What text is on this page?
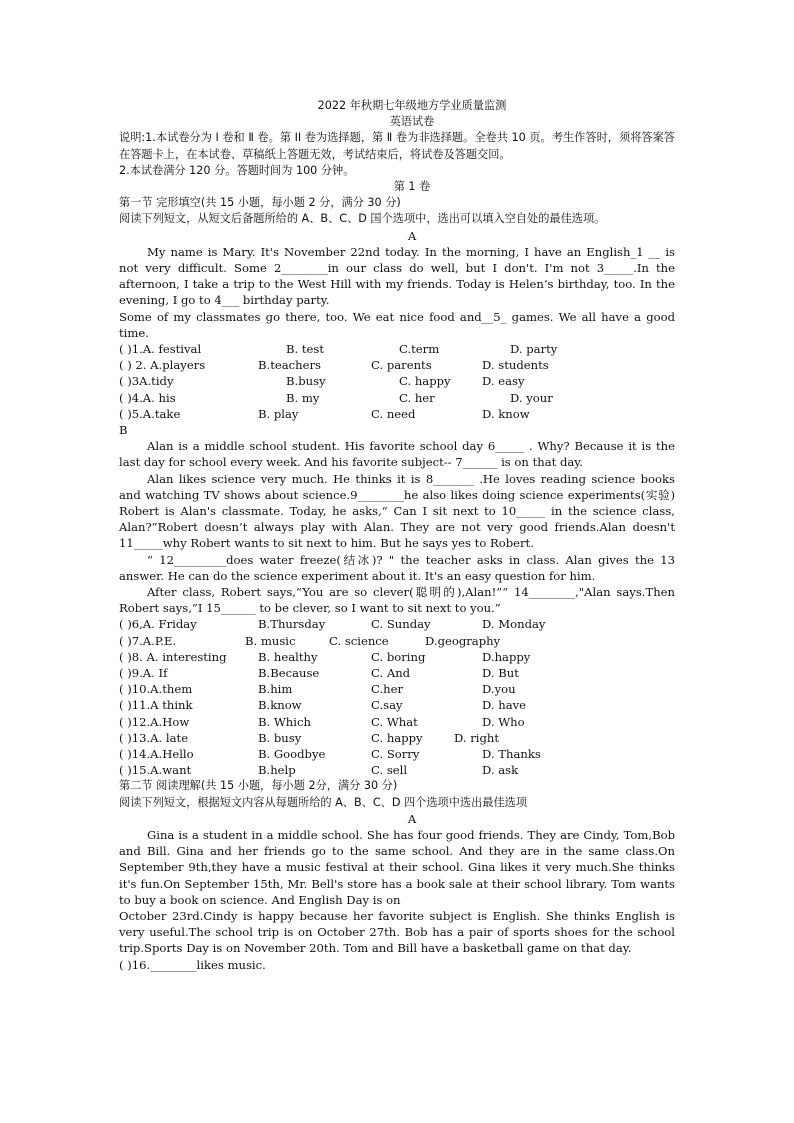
2022 年秋期七年级地方学业质量监测
英语试卷

说明:1.本试卷分为 I 卷和 Ⅱ 卷。第 II 卷为选择题，第 Ⅱ 卷为非选择题。全卷共 10 页。考生作答时，须将答案答在答题卡上，在本试卷、草稿纸上答题无效，考试结束后，将试卷及答题交回。

2.本试卷满分 120 分。答题时间为 100 分钟。

第 1 卷
第一节 完形填空(共 15 小题，每小题 2 分，满分 30 分)

阅读下列短文，从短文后备题所给的 A、B、C、D 国个选项中，选出可以填入空自处的最佳选项。

A

My name is Mary. It's November 22nd today. In the morning, I have an English_1 __ is not very difficult. Some 2________in our class do well, but I don't. I'm not 3_____.In the afternoon, I take a trip to the West Hill with my friends. Today is Helen’s birthday, too. In the evening, I go to 4___ birthday party.

Some of my classmates go there, too. We eat nice food and__5_ games. We all have a good time.

( )1.A. festival	B. test	C.term	D. party
( ) 2. A.players	B.teachers	C. parents	D. students
( )3A.tidy	B.busy	C. happy	D. easy
( )4.A. his	B. my	C. her	D. your
( )5.A.take	B. play	C. need	D. know
B

Alan is a middle school student. His favorite school day 6_____ . Why? Because it is the last day for school every week. And his favorite subject-- 7______ is on that day.

Alan likes science very much. He thinks it is 8_______ .He loves reading science books and watching TV shows about science.9________he also likes doing science experiments(实验) Robert is Alan's classmate. Today, he asks,“ Can I sit next to 10_____ in the science class, Alan?”Robert doesn’t always play with Alan. They are not very good friends.Alan doesn't 11_____why Robert wants to sit next to him. But he says yes to Robert.

“ 12_________does water freeze(结冰)? " the teacher asks in class. Alan gives the 13 answer. He can do the science experiment about it. It's an easy question for him.

After class, Robert says,“You are so clever(聪明的),Alan!”“ 14________,"Alan says.Then Robert says,“I 15______ to be clever, so I want to sit next to you.”

( )6,A. Friday	B.Thursday	C. Sunday	D. Monday
( )7.A.P.E.	B. music	C. science	D.geography
( )8. A. interesting	B. healthy	C. boring	D.happy
( )9.A. If	B.Because	C. And	D. But
( )10.A.them	B.him	C.her	D.you
( )11.A think	B.know	C.say	D. have
( )12.A.How	B. Which	C. What	D. Who
( )13.A. late	B. busy	C. happy	D. right
( )14.A.Hello	B. Goodbye	C. Sorry	D. Thanks
( )15.A.want	B.help	C. sell	D. ask
第二节 阅读理解(共 15 小题，每小题 2分，满分 30 分)

阅读下列短文，根据短文内容从每题所给的 A、B、C、D 四个选项中选出最佳选项

A

Gina is a student in a middle school. She has four good friends. They are Cindy, Tom,Bob and Bill. Gina and her friends go to the same school. And they are in the same class.On September 9th,they have a music festival at their school. Gina likes it very much.She thinks it's fun.On September 15th, Mr. Bell's store has a book sale at their school library. Tom wants to buy a book on science. And English Day is on

October 23rd.Cindy is happy because her favorite subject is English. She thinks English is very useful.The school trip is on October 27th. Bob has a pair of sports shoes for the school trip.Sports Day is on November 20th. Tom and Bill have a basketball game on that day.

( )16.________likes music.
